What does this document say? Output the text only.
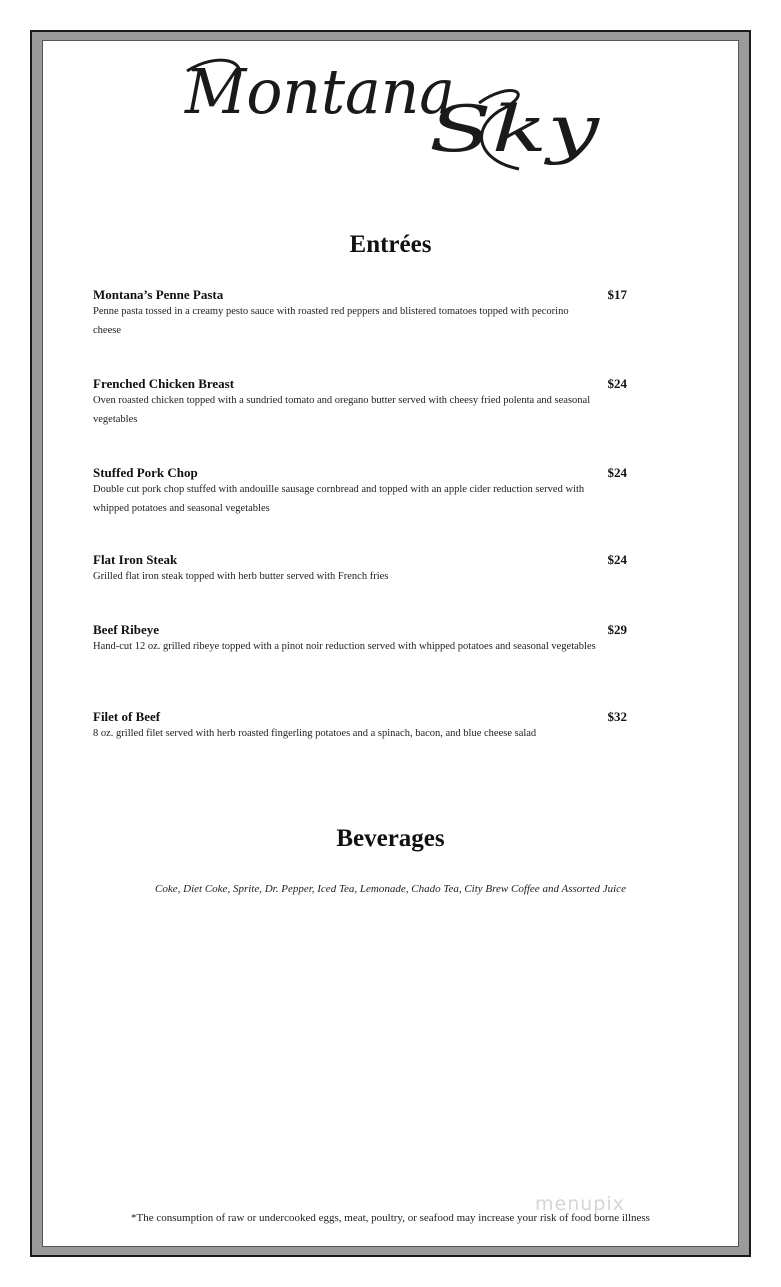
Montana
Sky
Entrées
Montana’s Penne Pasta	$17
Penne pasta tossed in a creamy pesto sauce with roasted red peppers and blistered tomatoes topped with pecorino cheese
Frenched Chicken Breast	$24
Oven roasted chicken topped with a sundried tomato and oregano butter served with cheesy fried polenta and seasonal vegetables
Stuffed Pork Chop	$24
Double cut pork chop stuffed with andouille sausage cornbread and topped with an apple cider reduction served with whipped potatoes and seasonal vegetables
Flat Iron Steak	$24
Grilled flat iron steak topped with herb butter served with French fries
Beef Ribeye	$29
Hand-cut 12 oz. grilled ribeye topped with a pinot noir reduction served with whipped potatoes and seasonal vegetables
Filet of Beef	$32
8 oz. grilled filet served with herb roasted fingerling potatoes and a spinach, bacon, and blue cheese salad
Beverages
Coke, Diet Coke, Sprite, Dr. Pepper, Iced Tea, Lemonade, Chado Tea, City Brew Coffee and Assorted Juice
menupix
*The consumption of raw or undercooked eggs, meat, poultry, or seafood may increase your risk of food borne illness
